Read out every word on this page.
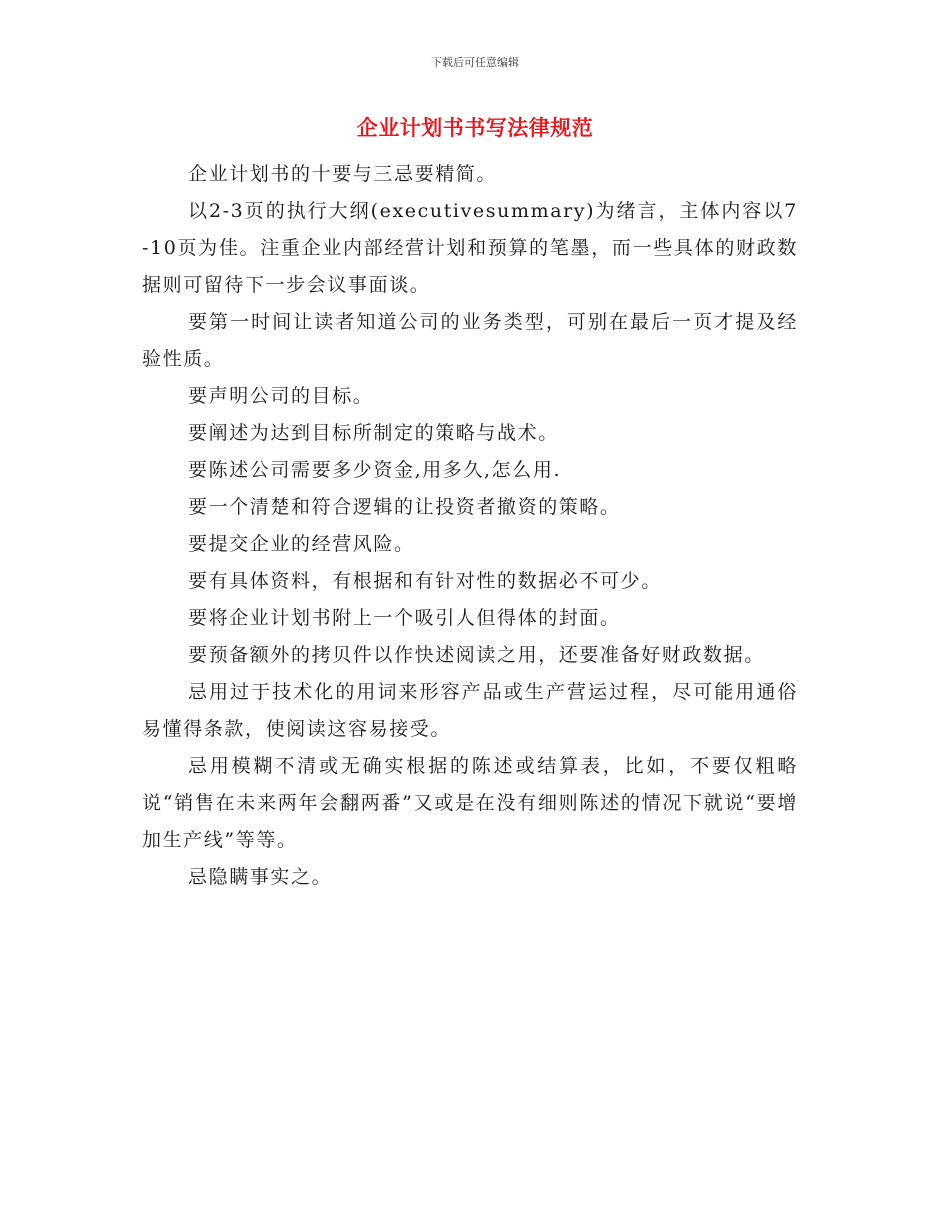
下载后可任意编辑
企业计划书书写法律规范

企业计划书的十要与三忌要精简。

以2-3页的执行大纲(executivesummary)为绪言，主体内容以7-10页为佳。注重企业内部经营计划和预算的笔墨，而一些具体的财政数据则可留待下一步会议事面谈。

要第一时间让读者知道公司的业务类型，可别在最后一页才提及经验性质。

要声明公司的目标。

要阐述为达到目标所制定的策略与战术。

要陈述公司需要多少资金,用多久,怎么用.

要一个清楚和符合逻辑的让投资者撤资的策略。

要提交企业的经营风险。

要有具体资料，有根据和有针对性的数据必不可少。

要将企业计划书附上一个吸引人但得体的封面。

要预备额外的拷贝件以作快述阅读之用，还要准备好财政数据。

忌用过于技术化的用词来形容产品或生产营运过程，尽可能用通俗易懂得条款，使阅读这容易接受。

忌用模糊不清或无确实根据的陈述或结算表，比如，不要仅粗略说“销售在未来两年会翻两番”又或是在没有细则陈述的情况下就说“要增加生产线”等等。

忌隐瞒事实之。
